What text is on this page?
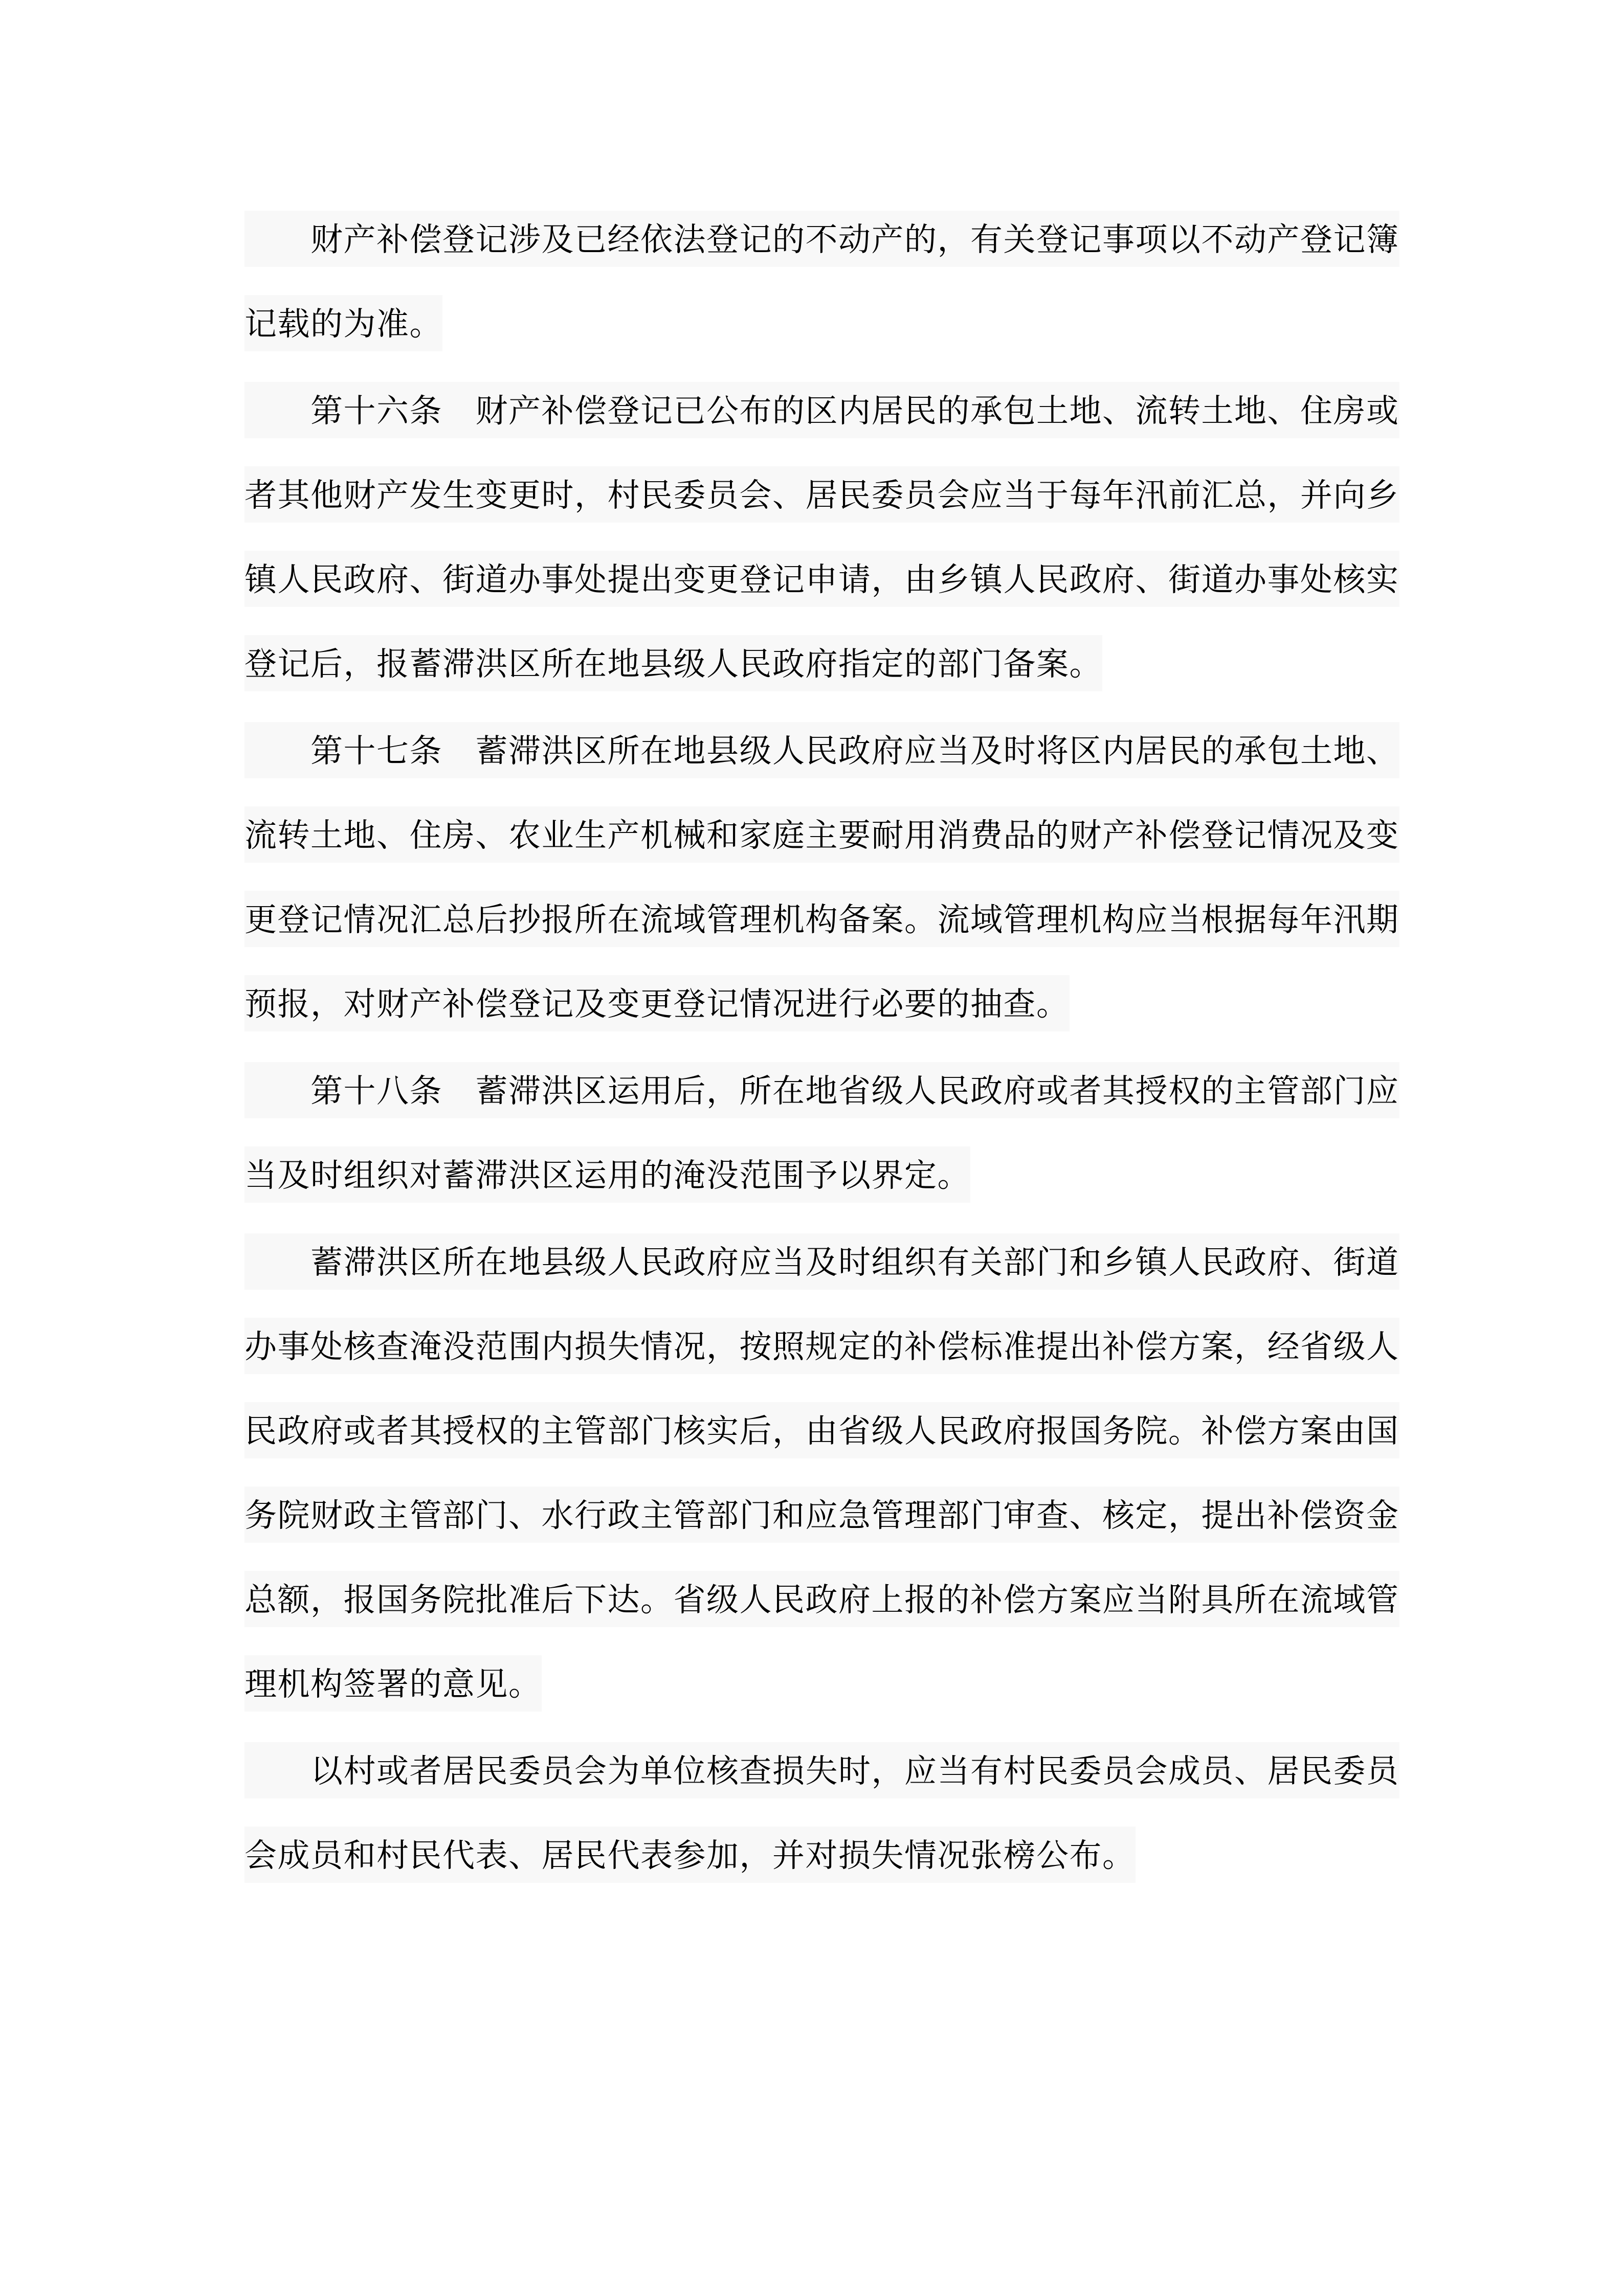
　　财产补偿登记涉及已经依法登记的不动产的，有关登记事项以不动产登记簿
记载的为准。
　　第十六条　财产补偿登记已公布的区内居民的承包土地、流转土地、住房或
者其他财产发生变更时，村民委员会、居民委员会应当于每年汛前汇总，并向乡
镇人民政府、街道办事处提出变更登记申请，由乡镇人民政府、街道办事处核实
登记后，报蓄滞洪区所在地县级人民政府指定的部门备案。
　　第十七条　蓄滞洪区所在地县级人民政府应当及时将区内居民的承包土地、
流转土地、住房、农业生产机械和家庭主要耐用消费品的财产补偿登记情况及变
更登记情况汇总后抄报所在流域管理机构备案。流域管理机构应当根据每年汛期
预报，对财产补偿登记及变更登记情况进行必要的抽查。
　　第十八条　蓄滞洪区运用后，所在地省级人民政府或者其授权的主管部门应
当及时组织对蓄滞洪区运用的淹没范围予以界定。
　　蓄滞洪区所在地县级人民政府应当及时组织有关部门和乡镇人民政府、街道
办事处核查淹没范围内损失情况，按照规定的补偿标准提出补偿方案，经省级人
民政府或者其授权的主管部门核实后，由省级人民政府报国务院。补偿方案由国
务院财政主管部门、水行政主管部门和应急管理部门审查、核定，提出补偿资金
总额，报国务院批准后下达。省级人民政府上报的补偿方案应当附具所在流域管
理机构签署的意见。
　　以村或者居民委员会为单位核查损失时，应当有村民委员会成员、居民委员
会成员和村民代表、居民代表参加，并对损失情况张榜公布。
